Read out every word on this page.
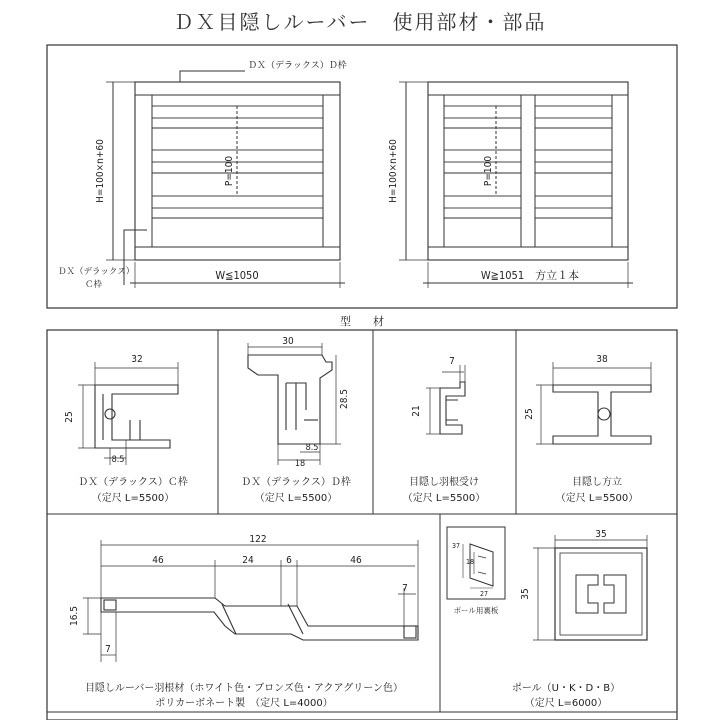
ＤＸ目隠しルーバー　使用部材・部品
型　　材
ＤＸ（デラックス）Ｄ枠
ＤＸ（デラックス）
Ｃ枠
H=100×n+60	P=100
W≦1050
H=100×n+60	P=100
W≧1051　方立１本
32
25
8.5
ＤＸ（デラックス）Ｃ枠
（定尺 L=5500）
30
28.5
8.5
18
ＤＸ（デラックス）Ｄ枠
（定尺 L=5500）
7
21
目隠し羽根受け
（定尺 L=5500）
38
25
目隠し方立
（定尺 L=5500）
122
46	24	6	46
16.5
7
7
目隠しルーバー羽根材（ホワイト色・ブロンズ色・アクアグリーン色）
ポリカーボネート製　（定尺 L=4000）
37
18
27
ポール用裏板
35
35
ポール（U・K・D・B）
（定尺 L=6000）
